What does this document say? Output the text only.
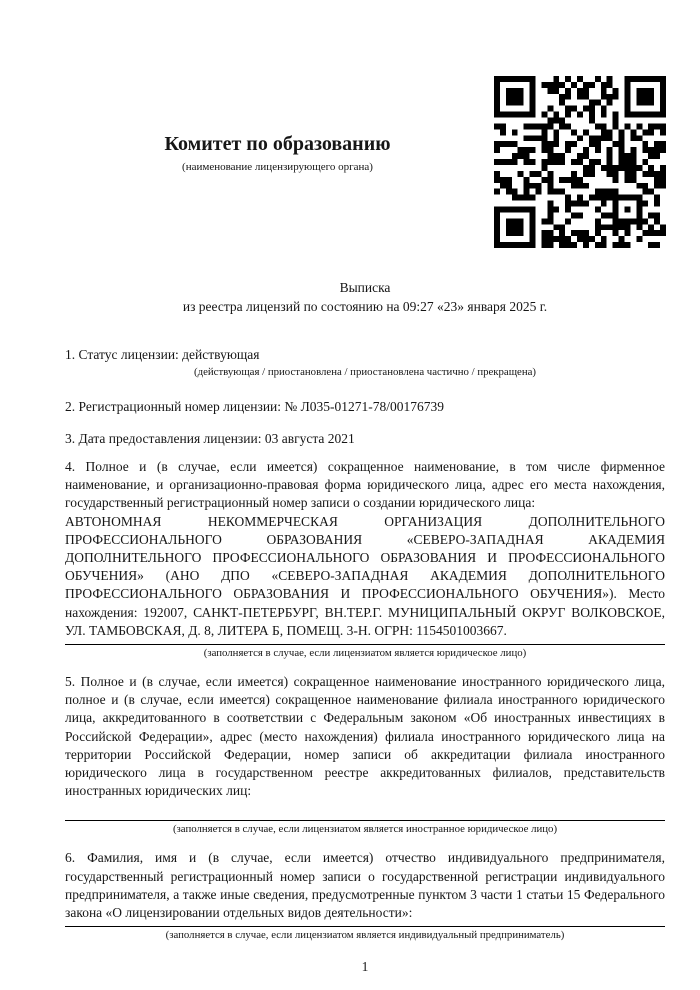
Комитет по образованию
(наименование лицензирующего органа)
Выписка
из реестра лицензий по состоянию на 09:27 «23» января 2025 г.

1. Статус лицензии: действующая

(действующая / приостановлена / приостановлена частично / прекращена)

2. Регистрационный номер лицензии: № Л035-01271-78/00176739

3. Дата предоставления лицензии: 03 августа 2021

4. Полное и (в случае, если имеется) сокращенное наименование, в том числе фирменное наименование, и организационно-правовая форма юридического лица, адрес его места нахождения, государственный регистрационный номер записи о создании юридического лица:

АВТОНОМНАЯ НЕКОММЕРЧЕСКАЯ ОРГАНИЗАЦИЯ ДОПОЛНИТЕЛЬНОГО ПРОФЕССИОНАЛЬНОГО ОБРАЗОВАНИЯ «СЕВЕРО-ЗАПАДНАЯ АКАДЕМИЯ ДОПОЛНИТЕЛЬНОГО ПРОФЕССИОНАЛЬНОГО ОБРАЗОВАНИЯ И ПРОФЕССИОНАЛЬНОГО ОБУЧЕНИЯ» (АНО ДПО «СЕВЕРО-ЗАПАДНАЯ АКАДЕМИЯ ДОПОЛНИТЕЛЬНОГО ПРОФЕССИОНАЛЬНОГО ОБРАЗОВАНИЯ И ПРОФЕССИОНАЛЬНОГО ОБУЧЕНИЯ»). Место нахождения: 192007, САНКТ-ПЕТЕРБУРГ, ВН.ТЕР.Г. МУНИЦИПАЛЬНЫЙ ОКРУГ ВОЛКОВСКОЕ, УЛ. ТАМБОВСКАЯ, Д. 8, ЛИТЕРА Б, ПОМЕЩ. 3-Н. ОГРН: 1154501003667.

(заполняется в случае, если лицензиатом является юридическое лицо)

5. Полное и (в случае, если имеется) сокращенное наименование иностранного юридического лица, полное и (в случае, если имеется) сокращенное наименование филиала иностранного юридического лица, аккредитованного в соответствии с Федеральным законом «Об иностранных инвестициях в Российской Федерации», адрес (место нахождения) филиала иностранного юридического лица на территории Российской Федерации, номер записи об аккредитации филиала иностранного юридического лица в государственном реестре аккредитованных филиалов, представительств иностранных юридических лиц:

(заполняется в случае, если лицензиатом является иностранное юридическое лицо)

6. Фамилия, имя и (в случае, если имеется) отчество индивидуального предпринимателя, государственный регистрационный номер записи о государственной регистрации индивидуального предпринимателя, а также иные сведения, предусмотренные пунктом 3 части 1 статьи 15 Федерального закона «О лицензировании отдельных видов деятельности»:

(заполняется в случае, если лицензиатом является индивидуальный предприниматель)

1
